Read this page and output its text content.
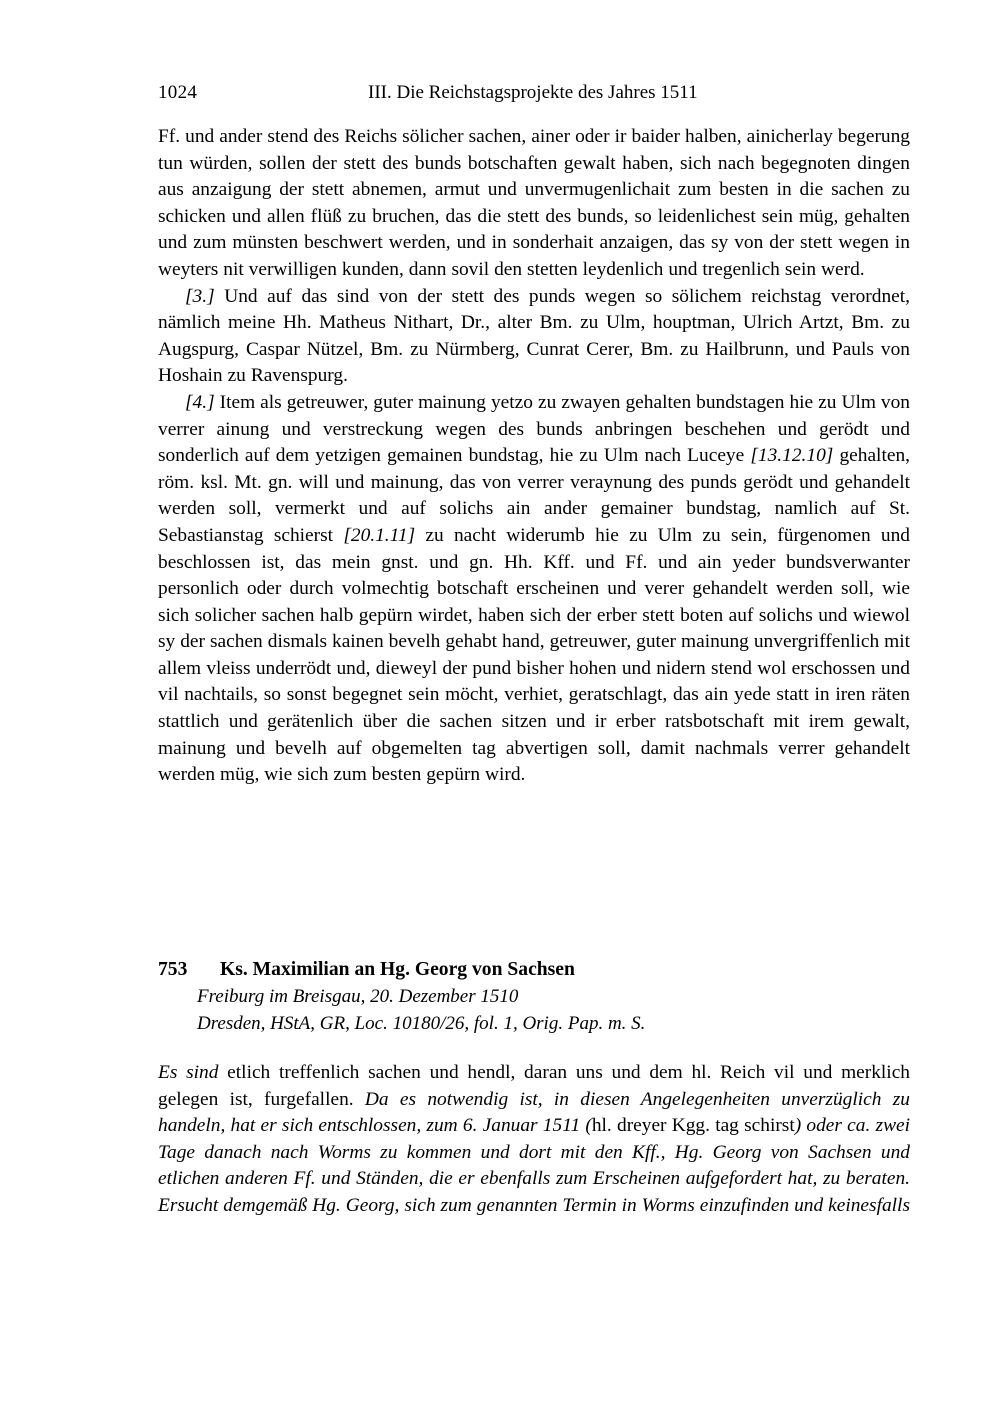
1024	III. Die Reichstagsprojekte des Jahres 1511

Ff. und ander stend des Reichs sölicher sachen, ainer oder ir baider halben, ainicherlay begerung tun würden, sollen der stett des bunds botschaften gewalt haben, sich nach begegnoten dingen aus anzaigung der stett abnemen, armut und unvermugenlichait zum besten in die sachen zu schicken und allen flüß zu bruchen, das die stett des bunds, so leidenlichest sein müg, gehalten und zum münsten beschwert werden, und in sonderhait anzaigen, das sy von der stett wegen in weyters nit verwilligen kunden, dann sovil den stetten leydenlich und tregenlich sein werd.

[3.] Und auf das sind von der stett des punds wegen so sölichem reichstag verordnet, nämlich meine Hh. Matheus Nithart, Dr., alter Bm. zu Ulm, houptman, Ulrich Artzt, Bm. zu Augspurg, Caspar Nützel, Bm. zu Nürmberg, Cunrat Cerer, Bm. zu Hailbrunn, und Pauls von Hoshain zu Ravenspurg.

[4.] Item als getreuwer, guter mainung yetzo zu zwayen gehalten bundstagen hie zu Ulm von verrer ainung und verstreckung wegen des bunds anbringen beschehen und gerödt und sonderlich auf dem yetzigen gemainen bundstag, hie zu Ulm nach Luceye [13.12.10] gehalten, röm. ksl. Mt. gn. will und mainung, das von verrer veraynung des punds gerödt und gehandelt werden soll, vermerkt und auf solichs ain ander gemainer bundstag, namlich auf St. Sebastianstag schierst [20.1.11] zu nacht widerumb hie zu Ulm zu sein, fürgenomen und beschlossen ist, das mein gnst. und gn. Hh. Kff. und Ff. und ain yeder bundsverwanter personlich oder durch volmechtig botschaft erscheinen und verer gehandelt werden soll, wie sich solicher sachen halb gepürn wirdet, haben sich der erber stett boten auf solichs und wiewol sy der sachen dismals kainen bevelh gehabt hand, getreuwer, guter mainung unvergriffenlich mit allem vleiss underrödt und, dieweyl der pund bisher hohen und nidern stend wol erschossen und vil nachtails, so sonst begegnet sein möcht, verhiet, geratschlagt, das ain yede statt in iren räten stattlich und gerätenlich über die sachen sitzen und ir erber ratsbotschaft mit irem gewalt, mainung und bevelh auf obgemelten tag abvertigen soll, damit nachmals verrer gehandelt werden müg, wie sich zum besten gepürn wird.

753 Ks. Maximilian an Hg. Georg von Sachsen
Freiburg im Breisgau, 20. Dezember 1510
Dresden, HStA, GR, Loc. 10180/26, fol. 1, Orig. Pap. m. S.

Es sind etlich treffenlich sachen und hendl, daran uns und dem hl. Reich vil und merklich gelegen ist, furgefallen. Da es notwendig ist, in diesen Angelegenheiten unverzüglich zu handeln, hat er sich entschlossen, zum 6. Januar 1511 (hl. dreyer Kgg. tag schirst) oder ca. zwei Tage danach nach Worms zu kommen und dort mit den Kff., Hg. Georg von Sachsen und etlichen anderen Ff. und Ständen, die er ebenfalls zum Erscheinen aufgefordert hat, zu beraten. Ersucht demgemäß Hg. Georg, sich zum genannten Termin in Worms einzufinden und keinesfalls
